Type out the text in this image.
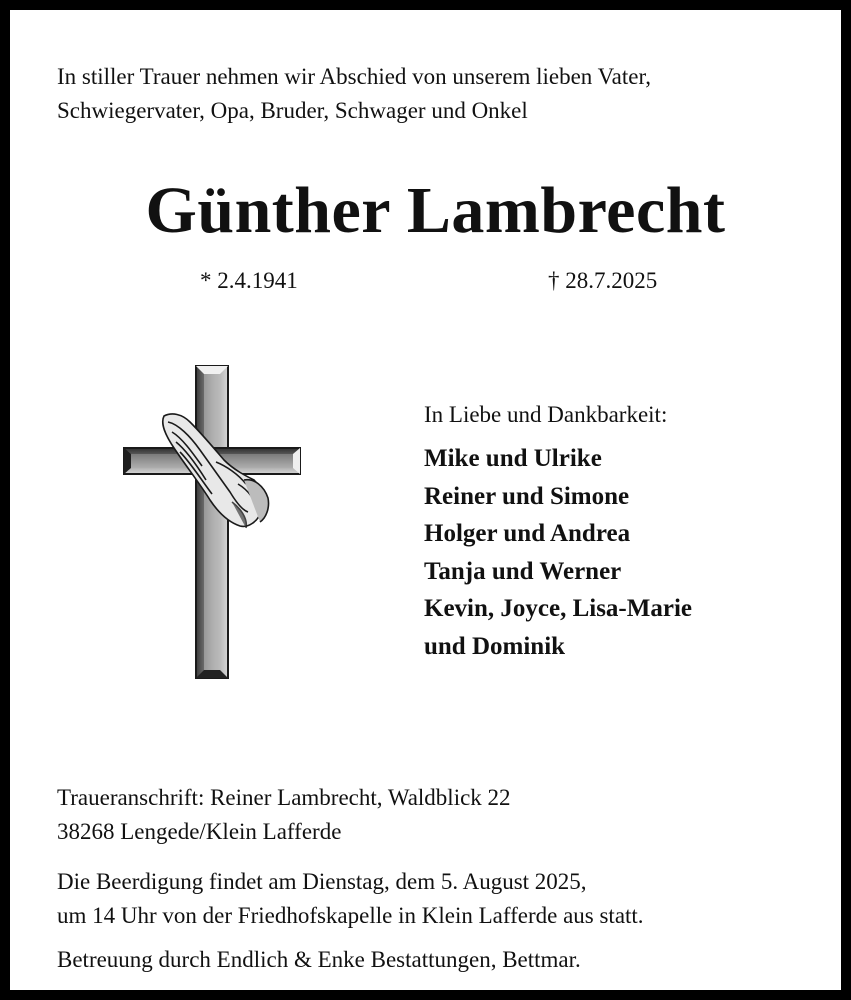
In stiller Trauer nehmen wir Abschied von unserem lieben Vater,
Schwiegervater, Opa, Bruder, Schwager und Onkel
Günther Lambrecht
* 2.4.1941	† 28.7.2025
In Liebe und Dankbarkeit:
Mike und Ulrike
Reiner und Simone
Holger und Andrea
Tanja und Werner
Kevin, Joyce, Lisa-Marie
und Dominik
Traueranschrift: Reiner Lambrecht, Waldblick 22
38268 Lengede/Klein Lafferde
Die Beerdigung findet am Dienstag, dem 5. August 2025,
um 14 Uhr von der Friedhofskapelle in Klein Lafferde aus statt.
Betreuung durch Endlich & Enke Bestattungen, Bettmar.
